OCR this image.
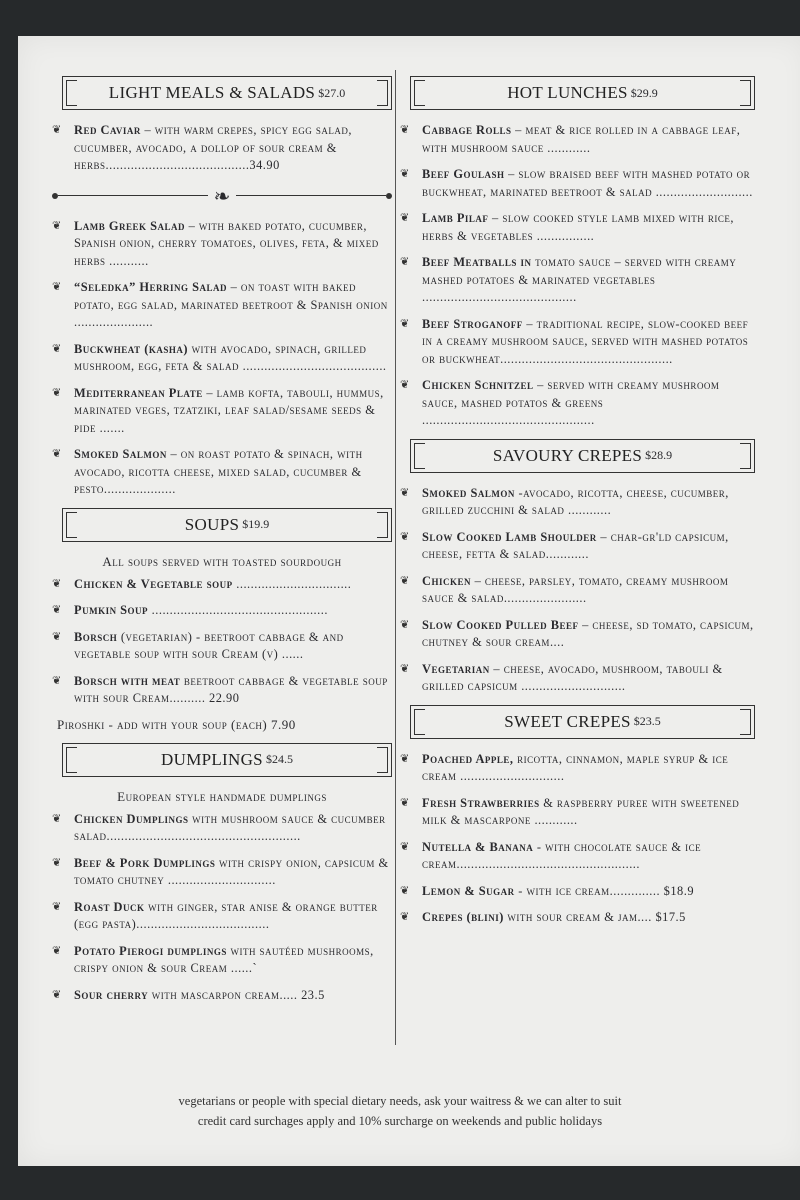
LIGHT MEALS & SALADS $27.0
❦	Red Caviar – with warm crepes, spicy egg salad, cucumber, avocado, a dollop of sour cream & herbs........................................34.90
❧
❦	Lamb Greek Salad – with baked potato, cucumber, Spanish onion, cherry tomatoes, olives, feta, & mixed herbs ...........
❦	“Seledka” Herring Salad – on toast with baked potato, egg salad, marinated beetroot & Spanish onion ......................
❦	Buckwheat (kasha) with avocado, spinach, grilled mushroom, egg, feta & salad ........................................
❦	Mediterranean Plate – lamb kofta, tabouli, hummus, marinated veges, tzatziki, leaf salad/sesame seeds & pide .......
❦	Smoked Salmon – on roast potato & spinach, with avocado, ricotta cheese, mixed salad, cucumber & pesto....................
SOUPS $19.9
All soups served with toasted sourdough
❦	Chicken & Vegetable soup ................................
❦	Pumkin Soup .................................................
❦	Borsch (vegetarian) - beetroot cabbage & and vegetable soup with sour Cream (v) ......
❦	Borsch with meat beetroot cabbage & vegetable soup with sour Cream.......... 22.90
Piroshki - add with your soup (each) 7.90
DUMPLINGS $24.5
European style handmade dumplings
❦	Chicken Dumplings with mushroom sauce & cucumber salad......................................................
❦	Beef & Pork Dumplings with crispy onion, capsicum & tomato chutney ..............................
❦	Roast Duck with ginger, star anise & orange butter (egg pasta).....................................
❦	Potato Pierogi dumplings with sautéed mushrooms, crispy onion & sour Cream ......`
❦	Sour cherry with mascarpon cream..... 23.5
HOT LUNCHES $29.9
❦	Cabbage Rolls – meat & rice rolled in a cabbage leaf, with mushroom sauce ............
❦	Beef Goulash – slow braised beef with mashed potato or buckwheat, marinated beetroot & salad ...........................
❦	Lamb Pilaf – slow cooked style lamb mixed with rice, herbs & vegetables ................
❦	Beef Meatballs in tomato sauce – served with creamy mashed potatoes & marinated vegetables ...........................................
❦	Beef Stroganoff – traditional recipe, slow-cooked beef in a creamy mushroom sauce, served with mashed potatos or buckwheat................................................
❦	Chicken Schnitzel – served with creamy mushroom sauce, mashed potatos & greens ................................................
SAVOURY CREPES $28.9
❦	Smoked Salmon -avocado, ricotta, cheese, cucumber, grilled zucchini & salad ............
❦	Slow Cooked Lamb Shoulder – char-gr'ld capsicum, cheese, fetta & salad............
❦	Chicken – cheese, parsley, tomato, creamy mushroom sauce & salad.......................
❦	Slow Cooked Pulled Beef – cheese, sd tomato, capsicum, chutney & sour cream....
❦	Vegetarian – cheese, avocado, mushroom, tabouli & grilled capsicum .............................
SWEET CREPES $23.5
❦	Poached Apple, ricotta, cinnamon, maple syrup & ice cream .............................
❦	Fresh Strawberries & raspberry puree with sweetened milk & mascarpone ............
❦	Nutella & Banana - with chocolate sauce & ice cream...................................................
❦	Lemon & Sugar - with ice cream.............. $18.9
❦	Crepes (blini) with sour cream & jam.... $17.5
vegetarians or people with special dietary needs, ask your waitress & we can alter to suit
credit card surchages apply and 10% surcharge on weekends and public holidays
